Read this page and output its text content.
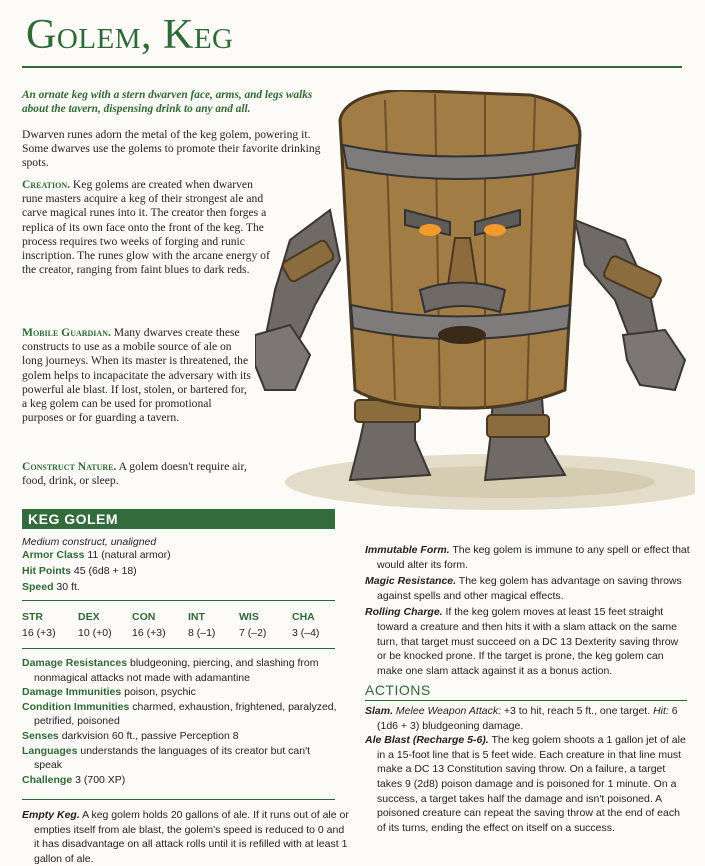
Golem, Keg
An ornate keg with a stern dwarven face, arms, and legs walks about the tavern, dispensing drink to any and all.

Dwarven runes adorn the metal of the keg golem, powering it. Some dwarves use the golems to promote their favorite drinking spots.

Creation. Keg golems are created when dwarven rune masters acquire a keg of their strongest ale and carve magical runes into it. The creator then forges a replica of its own face onto the front of the keg. The process requires two weeks of forging and runic inscription. The runes glow with the arcane energy of the creator, ranging from faint blues to dark reds.

Mobile Guardian. Many dwarves create these constructs to use as a mobile source of ale on long journeys. When its master is threatened, the golem helps to incapacitate the adversary with its powerful ale blast. If lost, stolen, or bartered for, a keg golem can be used for promotional purposes or for guarding a tavern.

Construct Nature. A golem doesn't require air, food, drink, or sleep.

KEG GOLEM
Medium construct, unaligned
Armor Class 11 (natural armor)
Hit Points 45 (6d8 + 18)
Speed 30 ft.
STR	DEX	CON	INT	WIS	CHA
16 (+3) 10 (+0) 16 (+3) 8 (–1) 7 (–2) 3 (–4)

Damage Resistances bludgeoning, piercing, and slashing from nonmagical attacks not made with adamantine

Damage Immunities poison, psychic

Condition Immunities charmed, exhaustion, frightened, paralyzed, petrified, poisoned

Senses darkvision 60 ft., passive Perception 8

Languages understands the languages of its creator but can't speak

Challenge 3 (700 XP)

Empty Keg. A keg golem holds 20 gallons of ale. If it runs out of ale or empties itself from ale blast, the golem's speed is reduced to 0 and it has disadvantage on all attack rolls until it is refilled with at least 1 gallon of ale.

Immutable Form. The keg golem is immune to any spell or effect that would alter its form.

Magic Resistance. The keg golem has advantage on saving throws against spells and other magical effects.

Rolling Charge. If the keg golem moves at least 15 feet straight toward a creature and then hits it with a slam attack on the same turn, that target must succeed on a DC 13 Dexterity saving throw or be knocked prone. If the target is prone, the keg golem can make one slam attack against it as a bonus action.

ACTIONS

Slam. Melee Weapon Attack: +3 to hit, reach 5 ft., one target. Hit: 6 (1d6 + 3) bludgeoning damage.

Ale Blast (Recharge 5-6). The keg golem shoots a 1 gallon jet of ale in a 15-foot line that is 5 feet wide. Each creature in that line must make a DC 13 Constitution saving throw. On a failure, a target takes 9 (2d8) poison damage and is poisoned for 1 minute. On a success, a target takes half the damage and isn't poisoned. A poisoned creature can repeat the saving throw at the end of each of its turns, ending the effect on itself on a success.
